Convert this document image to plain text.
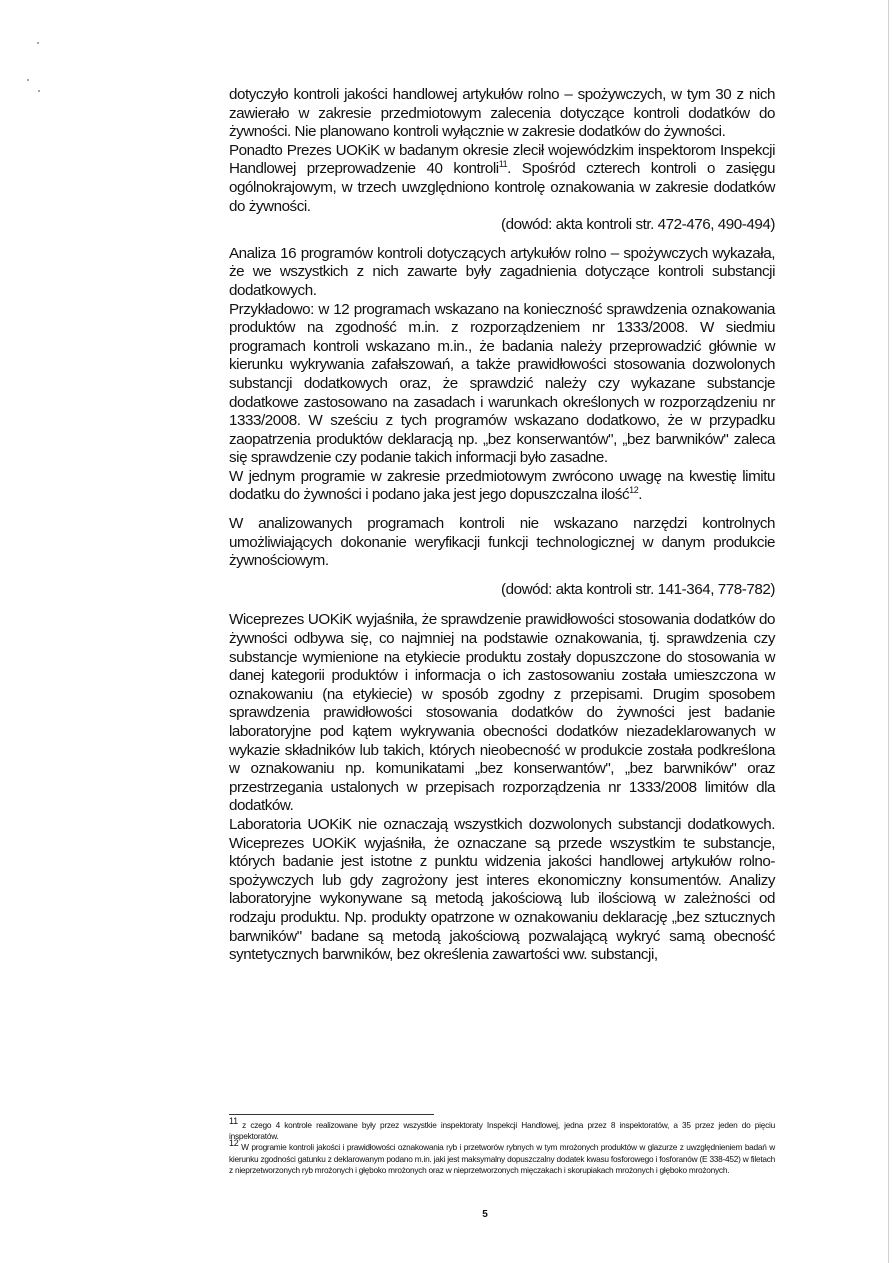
dotyczyło kontroli jakości handlowej artykułów rolno – spożywczych, w tym 30 z nich zawierało w zakresie przedmiotowym zalecenia dotyczące kontroli dodatków do żywności. Nie planowano kontroli wyłącznie w zakresie dodatków do żywności.

Ponadto Prezes UOKiK w badanym okresie zlecił wojewódzkim inspektorom Inspekcji Handlowej przeprowadzenie 40 kontroli$^{11}$. Spośród czterech kontroli o zasięgu ogólnokrajowym, w trzech uwzględniono kontrolę oznakowania w zakresie dodatków do żywności.

(dowód: akta kontroli str. 472-476, 490-494)

Analiza 16 programów kontroli dotyczących artykułów rolno – spożywczych wykazała, że we wszystkich z nich zawarte były zagadnienia dotyczące kontroli substancji dodatkowych.

Przykładowo: w 12 programach wskazano na konieczność sprawdzenia oznakowania produktów na zgodność m.in. z rozporządzeniem nr 1333/2008. W siedmiu programach kontroli wskazano m.in., że badania należy przeprowadzić głównie w kierunku wykrywania zafałszowań, a także prawidłowości stosowania dozwolonych substancji dodatkowych oraz, że sprawdzić należy czy wykazane substancje dodatkowe zastosowano na zasadach i warunkach określonych w rozporządzeniu nr 1333/2008. W sześciu z tych programów wskazano dodatkowo, że w przypadku zaopatrzenia produktów deklaracją np. „bez konserwantów", „bez barwników" zaleca się sprawdzenie czy podanie takich informacji było zasadne.

W jednym programie w zakresie przedmiotowym zwrócono uwagę na kwestię limitu dodatku do żywności i podano jaka jest jego dopuszczalna ilość$^{12}$.

W analizowanych programach kontroli nie wskazano narzędzi kontrolnych umożliwiających dokonanie weryfikacji funkcji technologicznej w danym produkcie żywnościowym.

(dowód: akta kontroli str. 141-364, 778-782)

Wiceprezes UOKiK wyjaśniła, że sprawdzenie prawidłowości stosowania dodatków do żywności odbywa się, co najmniej na podstawie oznakowania, tj. sprawdzenia czy substancje wymienione na etykiecie produktu zostały dopuszczone do stosowania w danej kategorii produktów i informacja o ich zastosowaniu została umieszczona w oznakowaniu (na etykiecie) w sposób zgodny z przepisami. Drugim sposobem sprawdzenia prawidłowości stosowania dodatków do żywności jest badanie laboratoryjne pod kątem wykrywania obecności dodatków niezadeklarowanych w wykazie składników lub takich, których nieobecność w produkcie została podkreślona w oznakowaniu np. komunikatami „bez konserwantów", „bez barwników" oraz przestrzegania ustalonych w przepisach rozporządzenia nr 1333/2008 limitów dla dodatków.

Laboratoria UOKiK nie oznaczają wszystkich dozwolonych substancji dodatkowych. Wiceprezes UOKiK wyjaśniła, że oznaczane są przede wszystkim te substancje, których badanie jest istotne z punktu widzenia jakości handlowej artykułów rolno-spożywczych lub gdy zagrożony jest interes ekonomiczny konsumentów. Analizy laboratoryjne wykonywane są metodą jakościową lub ilościową w zależności od rodzaju produktu. Np. produkty opatrzone w oznakowaniu deklarację „bez sztucznych barwników" badane są metodą jakościową pozwalającą wykryć samą obecność syntetycznych barwników, bez określenia zawartości ww. substancji,

$^{11}$ z czego 4 kontrole realizowane były przez wszystkie inspektoraty Inspekcji Handlowej, jedna przez 8 inspektoratów, a 35 przez jeden do pięciu inspektoratów.

$^{12}$ W programie kontroli jakości i prawidłowości oznakowania ryb i przetworów rybnych w tym mrożonych produktów w glazurze z uwzględnieniem badań w kierunku zgodności gatunku z deklarowanym podano m.in. jaki jest maksymalny dopuszczalny dodatek kwasu fosforowego i fosforanów (E 338-452) w filetach z nieprzetworzonych ryb mrożonych i głęboko mrożonych oraz w nieprzetworzonych mięczakach i skorupiakach mrożonych i głęboko mrożonych.

5
